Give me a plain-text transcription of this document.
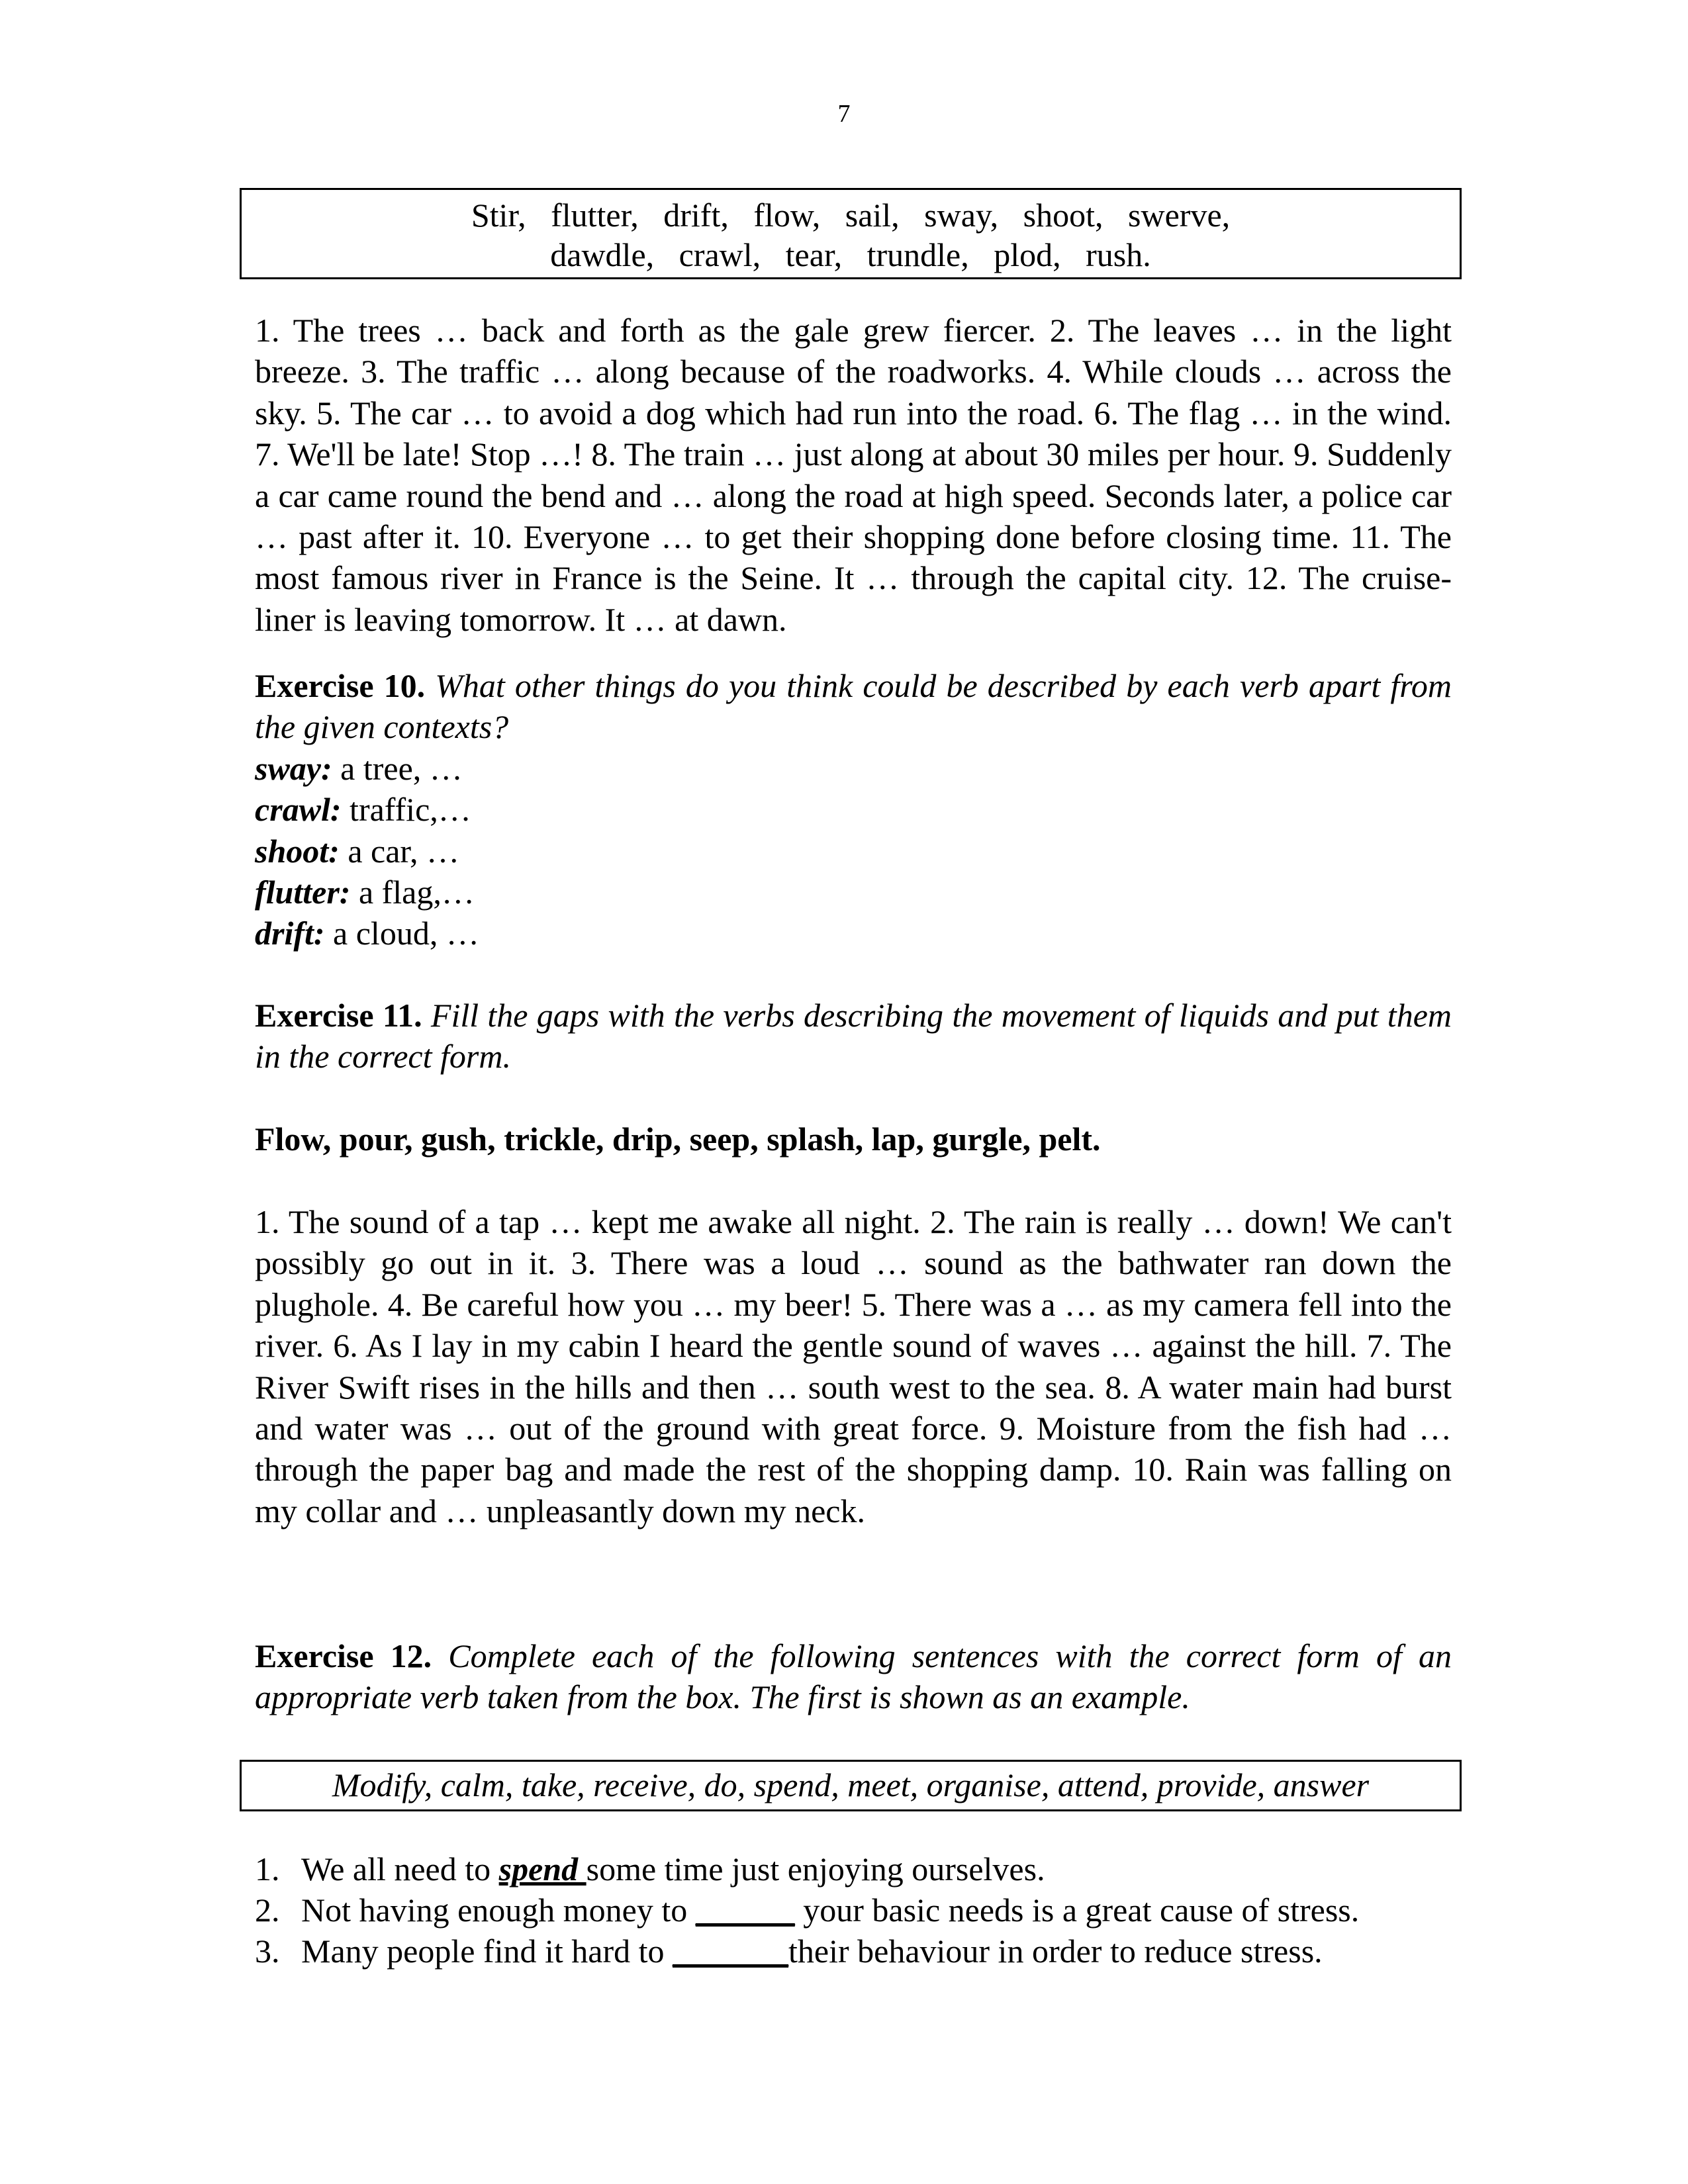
7
Stir,   flutter,   drift,   flow,   sail,   sway,   shoot,   swerve,
dawdle,   crawl,   tear,   trundle,   plod,   rush.

1. The trees … back and forth as the gale grew fiercer. 2. The leaves … in the light breeze. 3. The traffic … along because of the roadworks. 4. While clouds … across the sky. 5. The car … to avoid a dog which had run into the road. 6. The flag … in the wind. 7. We'll be late! Stop …! 8. The train … just along at about 30 miles per hour. 9. Suddenly a car came round the bend and … along the road at high speed. Seconds later, a police car … past after it. 10. Everyone … to get their shopping done before closing time. 11. The most famous river in France is the Seine. It … through the capital city. 12. The cruise-liner is leaving tomorrow. It … at dawn.

Exercise 10. What other things do you think could be described by each verb apart from the given contexts?
sway: a tree, …
crawl: traffic,…
shoot: a car, …
flutter: a flag,…
drift: a cloud, …
Exercise 11. Fill the gaps with the verbs describing the movement of liquids and put them in the correct form.
Flow, pour, gush, trickle, drip, seep, splash, lap, gurgle, pelt.

1. The sound of a tap … kept me awake all night. 2. The rain is really … down! We can't possibly go out in it. 3. There was a loud … sound as the bathwater ran down the plughole. 4. Be careful how you … my beer! 5. There was a … as my camera fell into the river. 6. As I lay in my cabin I heard the gentle sound of waves … against the hill. 7. The River Swift rises in the hills and then … south west to the sea. 8. A water main had burst and water was … out of the ground with great force. 9. Moisture from the fish had … through the paper bag and made the rest of the shopping damp. 10. Rain was falling on my collar and … unpleasantly down my neck.

Exercise 12. Complete each of the following sentences with the correct form of an appropriate verb taken from the box. The first is shown as an example.
Modify, calm, take, receive, do, spend, meet, organise, attend, provide, answer
1. We all need to spend some time just enjoying ourselves.
2. Not having enough money to ______ your basic needs is a great cause of stress.
3. Many people find it hard to _______their behaviour in order to reduce stress.
